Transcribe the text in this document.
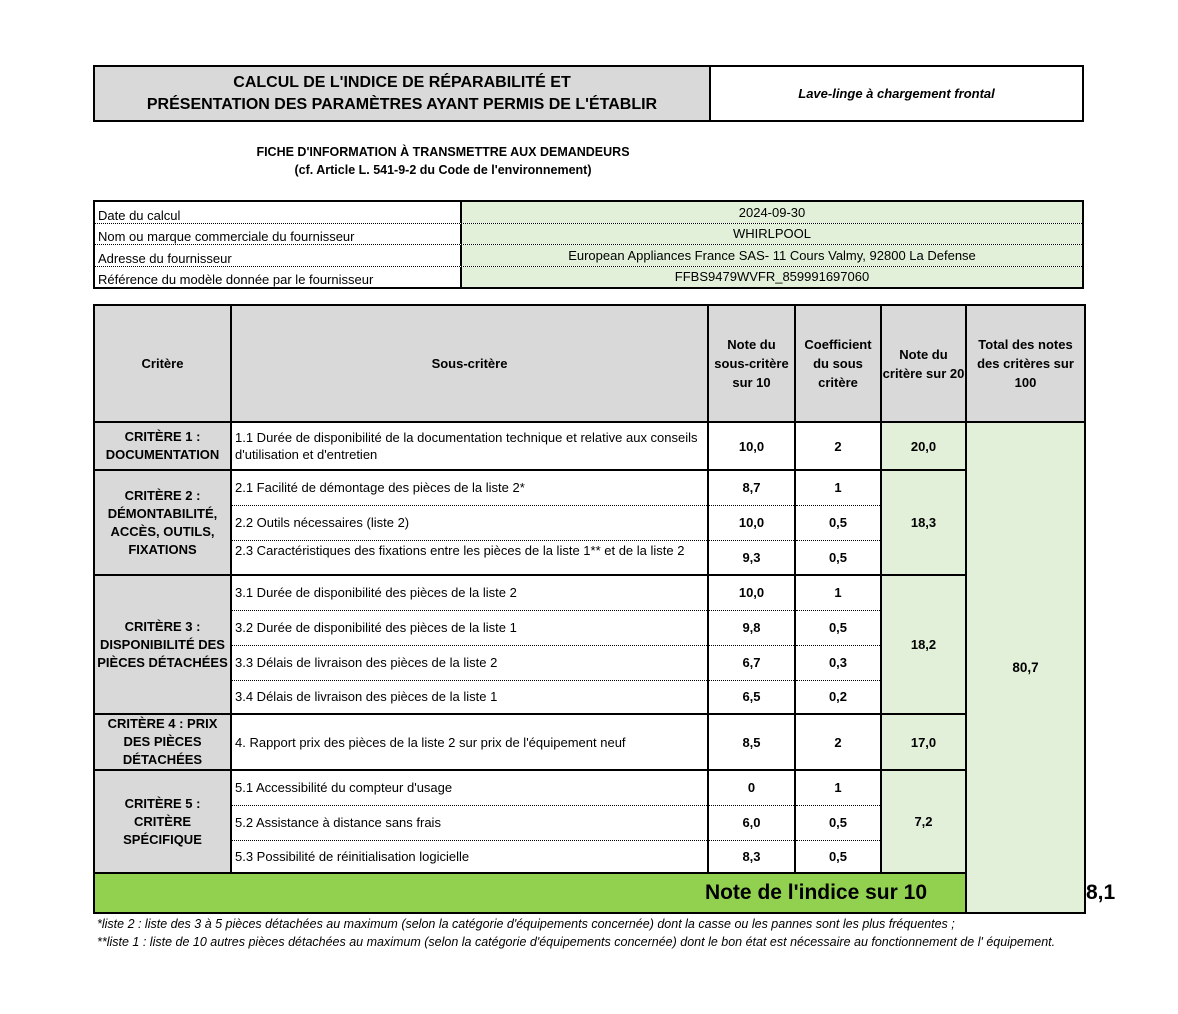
CALCUL DE L'INDICE DE RÉPARABILITÉ ET
PRÉSENTATION DES PARAMÈTRES AYANT PERMIS DE L'ÉTABLIR
Lave-linge à chargement frontal
FICHE D'INFORMATION À TRANSMETTRE AUX DEMANDEURS
(cf. Article L. 541-9-2 du Code de l'environnement)
Date du calcul	2024-09-30
Nom ou marque commerciale du fournisseur	WHIRLPOOL
Adresse du fournisseur	European Appliances France SAS- 11 Cours Valmy, 92800 La Defense
Référence du modèle donnée par le fournisseur	FFBS9479WVFR_859991697060
Critère	Sous-critère	Note du sous-critère sur 10	Coefficient du sous critère	Note du critère sur 20	Total des notes des critères sur 100	
CRITÈRE 1 : DOCUMENTATION	1.1 Durée de disponibilité de la documentation technique et relative aux conseils d'utilisation et d'entretien	10,0	2	20,0	80,7	
CRITÈRE 2 : DÉMONTABILITÉ, ACCÈS, OUTILS, FIXATIONS	2.1 Facilité de démontage des pièces de la liste 2*	8,7	1	18,3		
	2.2 Outils nécessaires (liste 2)	10,0	0,5			
	2.3 Caractéristiques des fixations entre les pièces de la liste 1** et de la liste 2	9,3	0,5			
CRITÈRE 3 : DISPONIBILITÉ DES PIÈCES DÉTACHÉES	3.1 Durée de disponibilité des pièces de la liste 2	10,0	1	18,2		
	3.2 Durée de disponibilité des pièces de la liste 1	9,8	0,5			
	3.3 Délais de livraison des pièces de la liste 2	6,7	0,3			
	3.4 Délais de livraison des pièces de la liste 1	6,5	0,2			
CRITÈRE 4 : PRIX DES PIÈCES DÉTACHÉES	4. Rapport prix des pièces de la liste 2 sur prix de l'équipement neuf	8,5	2	17,0		
CRITÈRE 5 : CRITÈRE SPÉCIFIQUE	5.1 Accessibilité du compteur d'usage	0	1	7,2		
	5.2 Assistance à distance sans frais	6,0	0,5			
	5.3 Possibilité de réinitialisation logicielle	8,3	0,5			
Note de l'indice sur 10						8,1
*liste 2 : liste des 3 à 5 pièces détachées au maximum (selon la catégorie d'équipements concernée) dont la casse ou les pannes sont les plus fréquentes ;
**liste 1 : liste de 10 autres pièces détachées au maximum (selon la catégorie d'équipements concernée) dont le bon état est nécessaire au fonctionnement de l' équipement.
